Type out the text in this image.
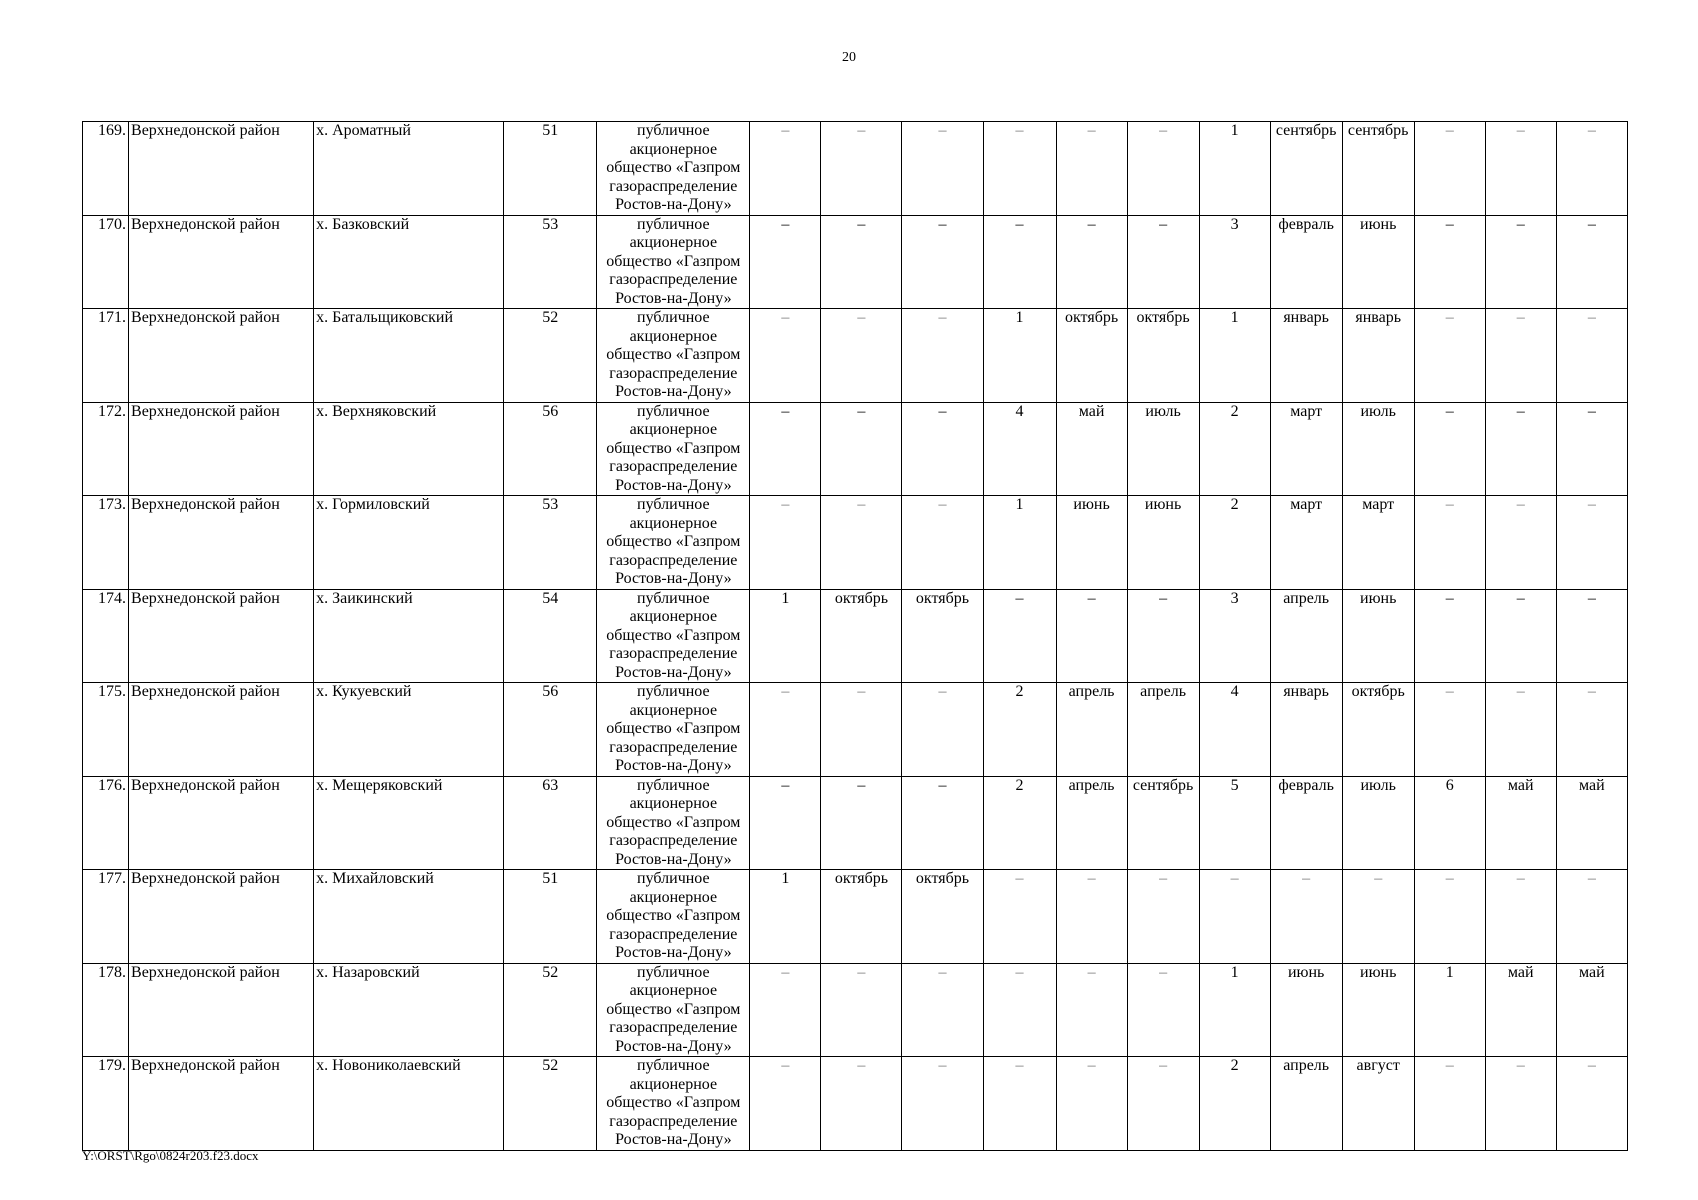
20
169.	Верхнедонской район	х. Ароматный	51	публичное акционерное общество «Газпром газораспределение Ростов-на-Дону»	–	–	–	–	–	–	1	сентябрь	сентябрь	–	–	–
170.	Верхнедонской район	х. Базковский	53	публичное акционерное общество «Газпром газораспределение Ростов-на-Дону»	–	–	–	–	–	–	3	февраль	июнь	–	–	–
171.	Верхнедонской район	х. Батальщиковский	52	публичное акционерное общество «Газпром газораспределение Ростов-на-Дону»	–	–	–	1	октябрь	октябрь	1	январь	январь	–	–	–
172.	Верхнедонской район	х. Верхняковский	56	публичное акционерное общество «Газпром газораспределение Ростов-на-Дону»	–	–	–	4	май	июль	2	март	июль	–	–	–
173.	Верхнедонской район	х. Гормиловский	53	публичное акционерное общество «Газпром газораспределение Ростов-на-Дону»	–	–	–	1	июнь	июнь	2	март	март	–	–	–
174.	Верхнедонской район	х. Заикинский	54	публичное акционерное общество «Газпром газораспределение Ростов-на-Дону»	1	октябрь	октябрь	–	–	–	3	апрель	июнь	–	–	–
175.	Верхнедонской район	х. Кукуевский	56	публичное акционерное общество «Газпром газораспределение Ростов-на-Дону»	–	–	–	2	апрель	апрель	4	январь	октябрь	–	–	–
176.	Верхнедонской район	х. Мещеряковский	63	публичное акционерное общество «Газпром газораспределение Ростов-на-Дону»	–	–	–	2	апрель	сентябрь	5	февраль	июль	6	май	май
177.	Верхнедонской район	х. Михайловский	51	публичное акционерное общество «Газпром газораспределение Ростов-на-Дону»	1	октябрь	октябрь	–	–	–	–	–	–	–	–	–
178.	Верхнедонской район	х. Назаровский	52	публичное акционерное общество «Газпром газораспределение Ростов-на-Дону»	–	–	–	–	–	–	1	июнь	июнь	1	май	май
179.	Верхнедонской район	х. Новониколаевский	52	публичное акционерное общество «Газпром газораспределение Ростов-на-Дону»	–	–	–	–	–	–	2	апрель	август	–	–	–
Y:\ORST\Rgo\0824r203.f23.docx
